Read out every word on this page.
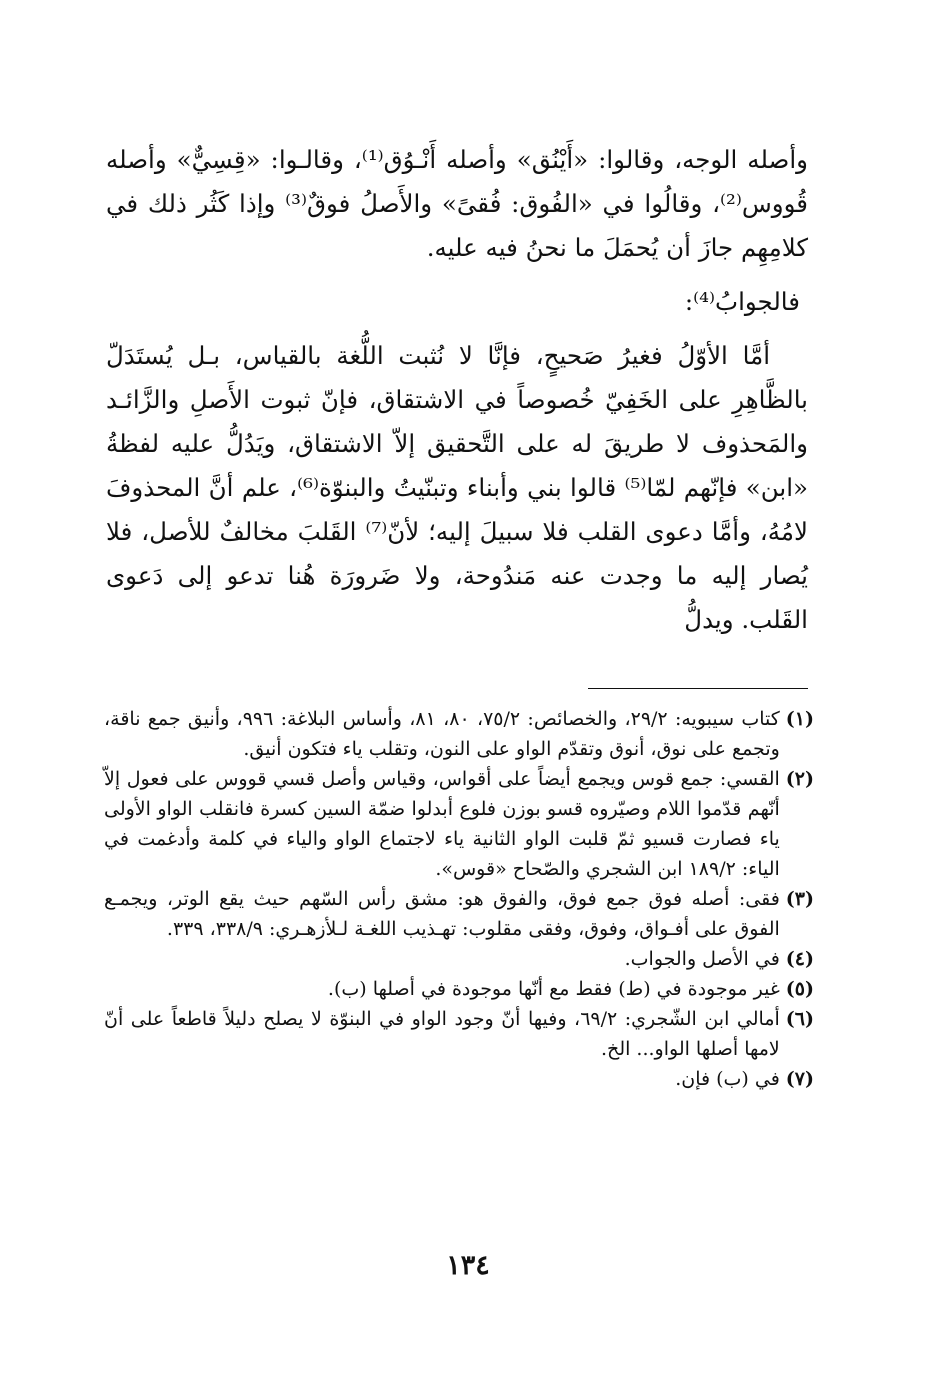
وأصله الوجه، وقالوا: «أَيْنُق» وأصله أَنْـوُق⁽¹⁾، وقالـوا: «قِسِيٌّ» وأصله قُووس⁽²⁾، وقالُوا في «الفُوق: فُقىً» والأَصلُ فوقٌ⁽³⁾ وإذا كَثُر ذلك في كلامِهِم جازَ أن يُحمَلَ ما نحنُ فيه عليه.

فالجوابُ⁽⁴⁾:

أمَّا الأوّلُ فغيرُ صَحيحٍ، فإنَّا لا نُثبت اللُّغة بالقياس، بـل يُستَدَلّ بالظَّاهِرِ على الخَفِيّ خُصوصاً في الاشتقاق، فإنّ ثبوت الأَصلِ والزَّائـد والمَحذوف لا طريقَ له على التَّحقيق إلاّ الاشتقاق، ويَدُلُّ عليه لفظةُ «ابن» فإنّهم لمّا⁽⁵⁾ قالوا بني وأبناء وتبنّيتُ والبنوّة⁽⁶⁾، علم أنَّ المحذوفَ لامُهُ، وأمَّا دعوى القلب فلا سبيلَ إليه؛ لأنّ⁽⁷⁾ القَلبَ مخالفٌ للأصل، فلا يُصار إليه ما وجدت عنه مَندُوحة، ولا ضَرورَة هُنا تدعو إلى دَعوى القَلب. ويدلُّ

(١)
كتاب سيبويه: ٢٩/٢، والخصائص: ٧٥/٢، ٨٠، ٨١، وأساس البلاغة: ٩٩٦، وأنيق جمع ناقة، وتجمع على نوق، أنوق وتقدّم الواو على النون، وتقلب ياء فتكون أنيق.
(٢)
القسي: جمع قوس ويجمع أيضاً على أقواس، وقياس وأصل قسي قووس على فعول إلاّ أنّهم قدّموا اللام وصيّروه قسو بوزن فلوع أبدلوا ضمّة السين كسرة فانقلب الواو الأولى ياء فصارت قسيو ثمّ قلبت الواو الثانية ياء لاجتماع الواو والياء في كلمة وأدغمت في الياء: ١٨٩/٢ ابن الشجري والصّحاح «قوس».
(٣)
فقى: أصله فوق جمع فوق، والفوق هو: مشق رأس السّهم حيث يقع الوتر، ويجمـع الفوق على أفـواق، وفوق، وفقى مقلوب: تهـذيب اللغـة لـلأزهـري: ٣٣٨/٩، ٣٣٩.
(٤)
في الأصل والجواب.
(٥)
غير موجودة في (ط) فقط مع أنّها موجودة في أصلها (ب).
(٦)
أمالي ابن الشّجري: ٦٩/٢، وفيها أنّ وجود الواو في البنوّة لا يصلح دليلاً قاطعاً على أنّ لامها أصلها الواو... الخ.
(٧)
في (ب) فإن.
١٣٤
